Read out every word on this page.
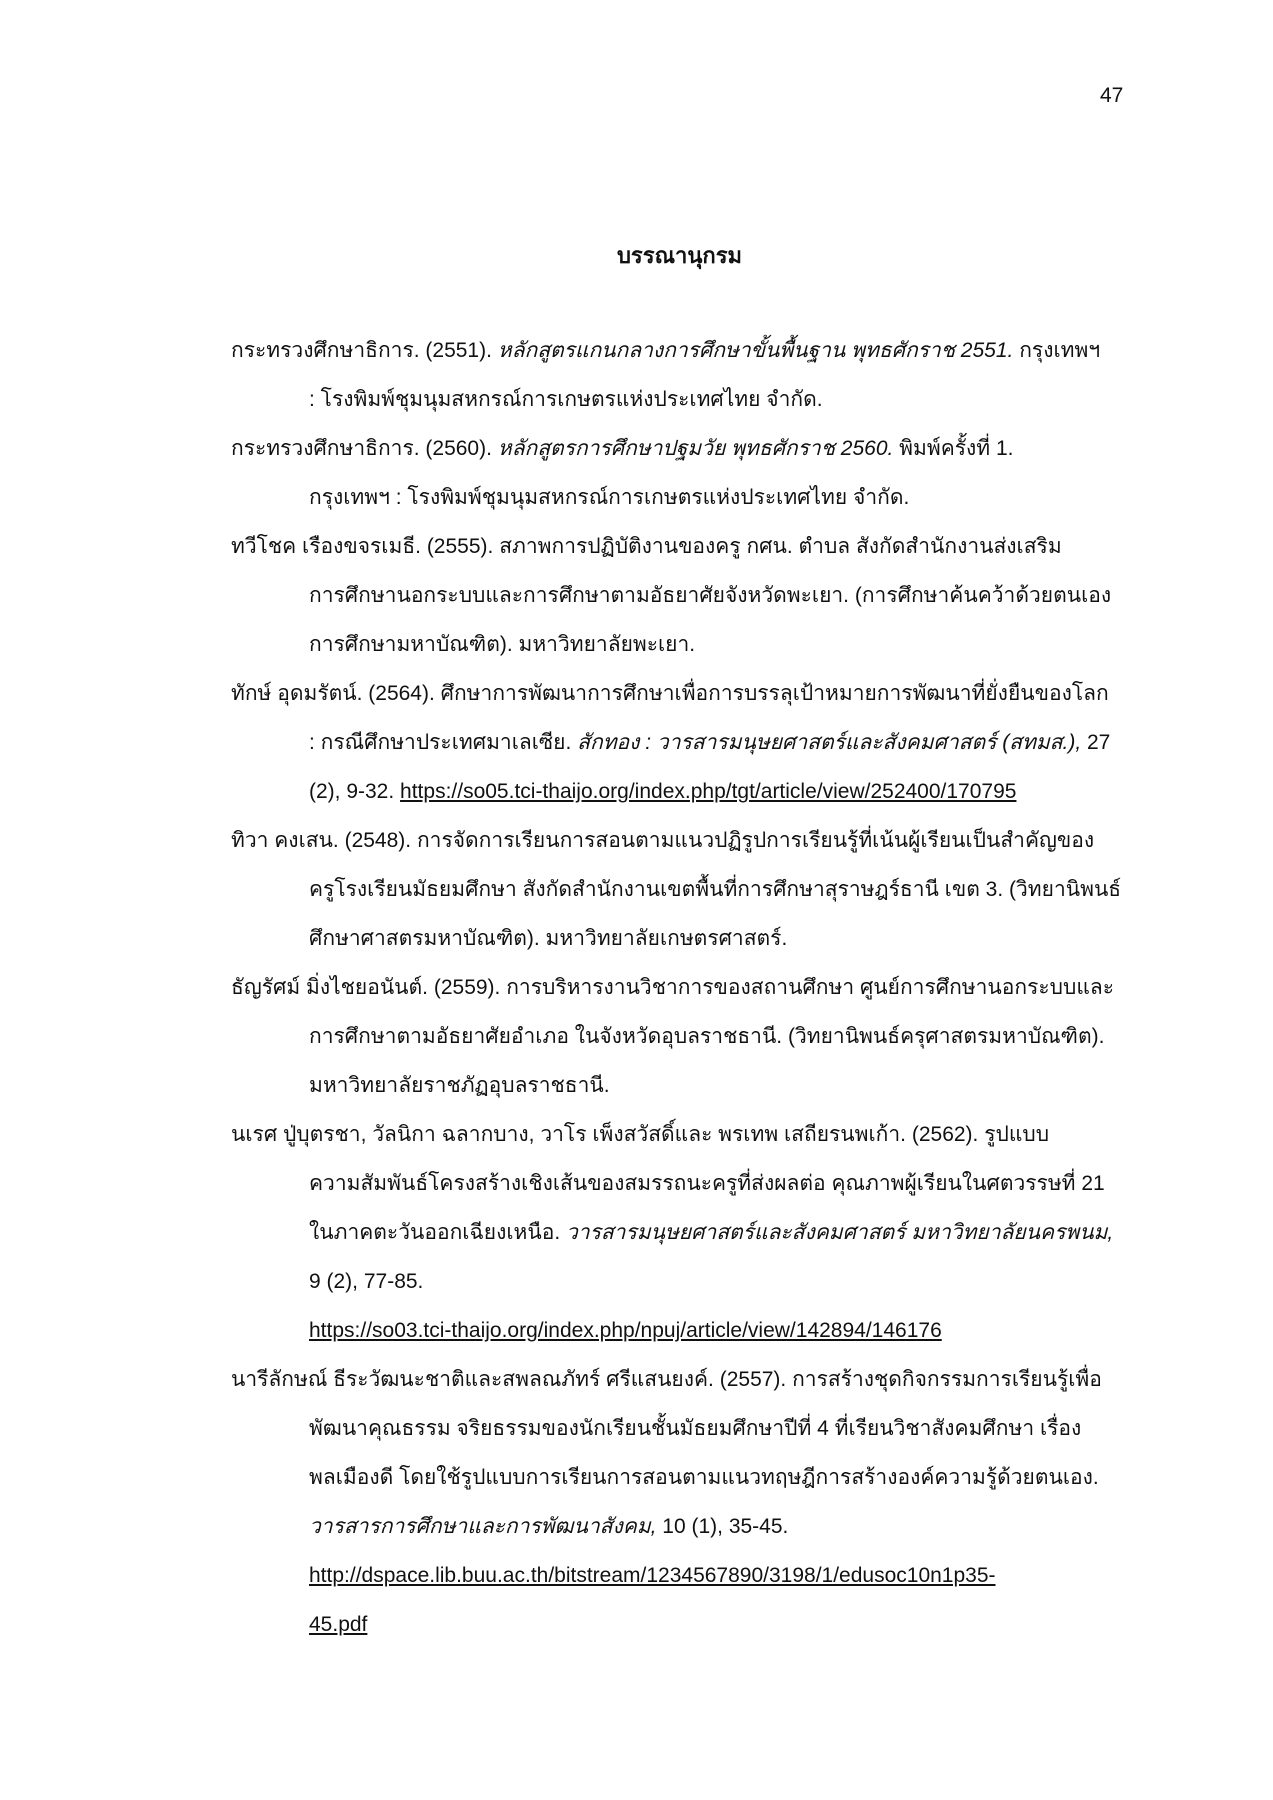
47
บรรณานุกรม
กระทรวงศึกษาธิการ. (2551). หลักสูตรแกนกลางการศึกษาขั้นพื้นฐาน พุทธศักราช 2551. กรุงเทพฯ
: โรงพิมพ์ชุมนุมสหกรณ์การเกษตรแห่งประเทศไทย จำกัด.
กระทรวงศึกษาธิการ. (2560). หลักสูตรการศึกษาปฐมวัย พุทธศักราช 2560. พิมพ์ครั้งที่ 1.
กรุงเทพฯ : โรงพิมพ์ชุมนุมสหกรณ์การเกษตรแห่งประเทศไทย จำกัด.
ทวีโชค เรืองขจรเมธี. (2555). สภาพการปฏิบัติงานของครู กศน. ตำบล สังกัดสำนักงานส่งเสริม
การศึกษานอกระบบและการศึกษาตามอัธยาศัยจังหวัดพะเยา. (การศึกษาค้นคว้าด้วยตนเอง
การศึกษามหาบัณฑิต). มหาวิทยาลัยพะเยา.
ทักษ์ อุดมรัตน์. (2564). ศึกษาการพัฒนาการศึกษาเพื่อการบรรลุเป้าหมายการพัฒนาที่ยั่งยืนของโลก
: กรณีศึกษาประเทศมาเลเซีย. สักทอง : วารสารมนุษยศาสตร์และสังคมศาสตร์ (สทมส.), 27
(2), 9-32. https://so05.tci-thaijo.org/index.php/tgt/article/view/252400/170795
ทิวา คงเสน. (2548). การจัดการเรียนการสอนตามแนวปฏิรูปการเรียนรู้ที่เน้นผู้เรียนเป็นสำคัญของ
ครูโรงเรียนมัธยมศึกษา สังกัดสำนักงานเขตพื้นที่การศึกษาสุราษฎร์ธานี เขต 3. (วิทยานิพนธ์
ศึกษาศาสตรมหาบัณฑิต). มหาวิทยาลัยเกษตรศาสตร์.
ธัญรัศม์ มิ่งไชยอนันต์. (2559). การบริหารงานวิชาการของสถานศึกษา ศูนย์การศึกษานอกระบบและ
การศึกษาตามอัธยาศัยอำเภอ ในจังหวัดอุบลราชธานี. (วิทยานิพนธ์ครุศาสตรมหาบัณฑิต).
มหาวิทยาลัยราชภัฏอุบลราชธานี.
นเรศ ปู่บุตรชา, วัลนิกา ฉลากบาง, วาโร เพ็งสวัสดิ์และ พรเทพ เสถียรนพเก้า. (2562). รูปแบบ
ความสัมพันธ์โครงสร้างเชิงเส้นของสมรรถนะครูที่ส่งผลต่อ คุณภาพผู้เรียนในศตวรรษที่ 21
ในภาคตะวันออกเฉียงเหนือ. วารสารมนุษยศาสตร์และสังคมศาสตร์ มหาวิทยาลัยนครพนม,
9 (2), 77-85.
https://so03.tci-thaijo.org/index.php/npuj/article/view/142894/146176
นารีลักษณ์ ธีระวัฒนะชาติและสพลณภัทร์ ศรีแสนยงค์. (2557). การสร้างชุดกิจกรรมการเรียนรู้เพื่อ
พัฒนาคุณธรรม จริยธรรมของนักเรียนชั้นมัธยมศึกษาปีที่ 4 ที่เรียนวิชาสังคมศึกษา เรื่อง
พลเมืองดี โดยใช้รูปแบบการเรียนการสอนตามแนวทฤษฎีการสร้างองค์ความรู้ด้วยตนเอง.
วารสารการศึกษาและการพัฒนาสังคม, 10 (1), 35-45.
http://dspace.lib.buu.ac.th/bitstream/1234567890/3198/1/edusoc10n1p35-
45.pdf
